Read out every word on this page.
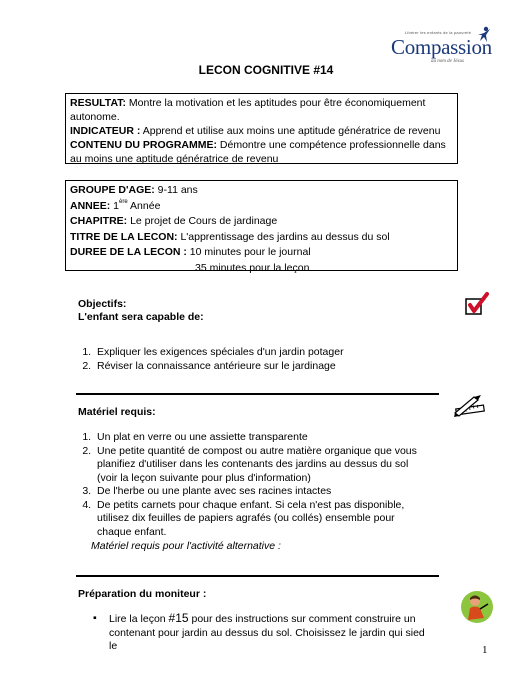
Libérer les enfants de la pauvreté
Compassion
au nom de Jésus
LECON COGNITIVE #14
RESULTAT: Montre la motivation et les aptitudes pour être économiquement autonome.
INDICATEUR : Apprend et utilise aux moins une aptitude génératrice de revenu
CONTENU DU PROGRAMME: Démontre une compétence professionnelle dans au moins une aptitude génératrice de revenu
GROUPE D'AGE: 9-11 ans
ANNEE: 1ère Année
CHAPITRE: Le projet de Cours de jardinage
TITRE DE LA LECON: L'apprentissage des jardins au dessus du sol
DUREE DE LA LECON : 10 minutes pour le journal
35 minutes pour la leçon
Objectifs:
L'enfant sera capable de:
1. Expliquer les exigences spéciales d'un jardin potager
2. Réviser la connaissance antérieure sur le jardinage
Matériel requis:
1. Un plat en verre ou une assiette transparente
2. Une petite quantité de compost ou autre matière organique que vous planifiez d'utiliser dans les contenants des jardins au dessus du sol (voir la leçon suivante pour plus d'information)
3. De l'herbe ou une plante avec ses racines intactes
4. De petits carnets pour chaque enfant. Si cela n'est pas disponible, utilisez dix feuilles de papiers agrafés (ou collés) ensemble pour chaque enfant.
Matériel requis pour l'activité alternative :
Préparation du moniteur :
▪ Lire la leçon #15 pour des instructions sur comment construire un contenant pour jardin au dessus du sol. Choisissez le jardin qui sied le	1
